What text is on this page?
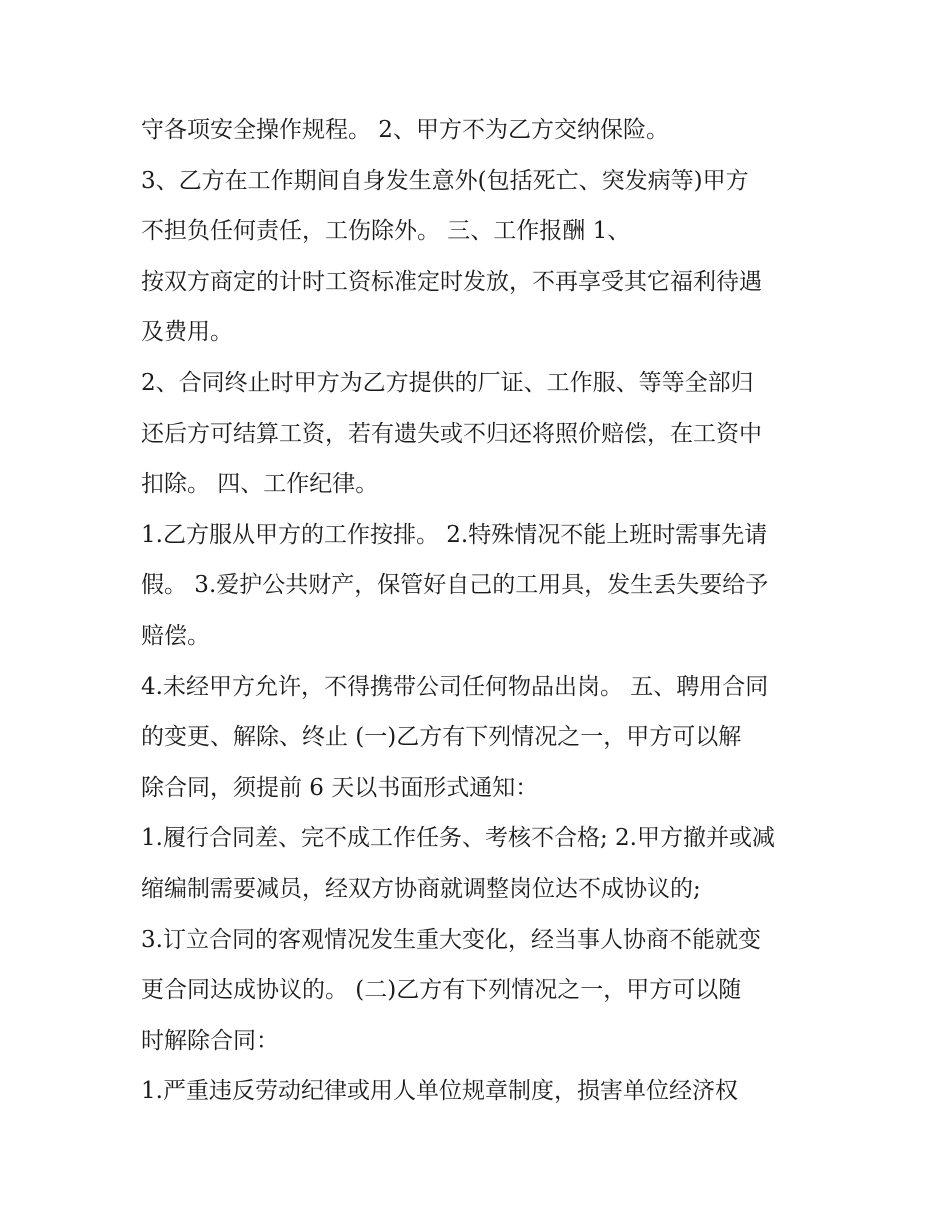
守各项安全操作规程。 2、甲方不为乙方交纳保险。
3、乙方在工作期间自身发生意外(包括死亡、突发病等)甲方
不担负任何责任，工伤除外。 三、工作报酬 1、
按双方商定的计时工资标准定时发放，不再享受其它福利待遇
及费用。
2、合同终止时甲方为乙方提供的厂证、工作服、等等全部归
还后方可结算工资，若有遗失或不归还将照价赔偿，在工资中
扣除。 四、工作纪律。
1.乙方服从甲方的工作按排。 2.特殊情况不能上班时需事先请
假。 3.爱护公共财产，保管好自己的工用具，发生丢失要给予
赔偿。
4.未经甲方允许，不得携带公司任何物品出岗。 五、聘用合同
的变更、解除、终止 (一)乙方有下列情况之一，甲方可以解
除合同，须提前 6 天以书面形式通知：
1.履行合同差、完不成工作任务、考核不合格; 2.甲方撤并或减
缩编制需要减员，经双方协商就调整岗位达不成协议的;
3.订立合同的客观情况发生重大变化，经当事人协商不能就变
更合同达成协议的。 (二)乙方有下列情况之一，甲方可以随
时解除合同：
1.严重违反劳动纪律或用人单位规章制度，损害单位经济权
